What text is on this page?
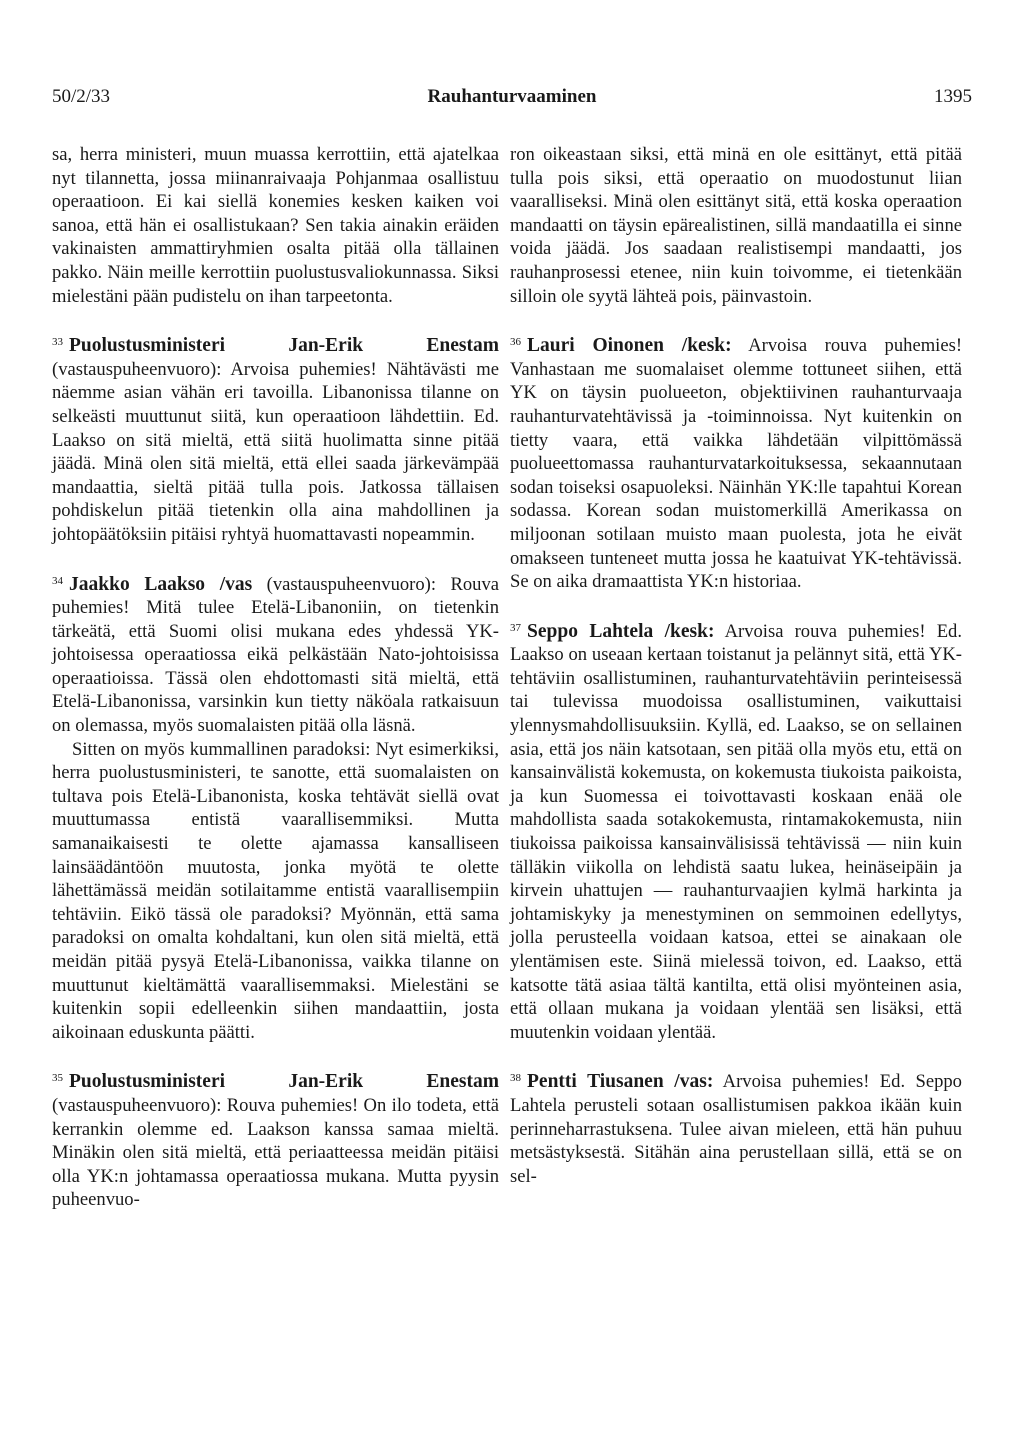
50/2/33	Rauhanturvaaminen	1395

sa, herra ministeri, muun muassa kerrottiin, että ajatelkaa nyt tilannetta, jossa miinanraivaaja Pohjanmaa osallistuu operaatioon. Ei kai siellä konemies kesken kaiken voi sanoa, että hän ei osallistukaan? Sen takia ainakin eräiden vakinaisten ammattiryhmien osalta pitää olla tällainen pakko. Näin meille kerrottiin puolustusvaliokunnassa. Siksi mielestäni pään pudistelu on ihan tarpeetonta.

$^{33}$ Puolustusministeri Jan-Erik Enestam (vastauspuheenvuoro): Arvoisa puhemies! Nähtävästi me näemme asian vähän eri tavoilla. Libanonissa tilanne on selkeästi muuttunut siitä, kun operaatioon lähdettiin. Ed. Laakso on sitä mieltä, että siitä huolimatta sinne pitää jäädä. Minä olen sitä mieltä, että ellei saada järkevämpää mandaattia, sieltä pitää tulla pois. Jatkossa tällaisen pohdiskelun pitää tietenkin olla aina mahdollinen ja johtopäätöksiin pitäisi ryhtyä huomattavasti nopeammin.

$^{34}$ Jaakko Laakso /vas (vastauspuheenvuoro): Rouva puhemies! Mitä tulee Etelä-Libanoniin, on tietenkin tärkeätä, että Suomi olisi mukana edes yhdessä YK-johtoisessa operaatiossa eikä pelkästään Nato-johtoisissa operaatioissa. Tässä olen ehdottomasti sitä mieltä, että Etelä-Libanonissa, varsinkin kun tietty näköala ratkaisuun on olemassa, myös suomalaisten pitää olla läsnä.

Sitten on myös kummallinen paradoksi: Nyt esimerkiksi, herra puolustusministeri, te sanotte, että suomalaisten on tultava pois Etelä-Libanonista, koska tehtävät siellä ovat muuttumassa entistä vaarallisemmiksi. Mutta samanaikaisesti te olette ajamassa kansalliseen lainsäädäntöön muutosta, jonka myötä te olette lähettämässä meidän sotilaitamme entistä vaarallisempiin tehtäviin. Eikö tässä ole paradoksi? Myönnän, että sama paradoksi on omalta kohdaltani, kun olen sitä mieltä, että meidän pitää pysyä Etelä-Libanonissa, vaikka tilanne on muuttunut kieltämättä vaarallisemmaksi. Mielestäni se kuitenkin sopii edelleenkin siihen mandaattiin, josta aikoinaan eduskunta päätti.

$^{35}$ Puolustusministeri Jan-Erik Enestam (vastauspuheenvuoro): Rouva puhemies! On ilo todeta, että kerrankin olemme ed. Laakson kanssa samaa mieltä. Minäkin olen sitä mieltä, että periaatteessa meidän pitäisi olla YK:n johtamassa operaatiossa mukana. Mutta pyysin puheenvuo-

ron oikeastaan siksi, että minä en ole esittänyt, että pitää tulla pois siksi, että operaatio on muodostunut liian vaaralliseksi. Minä olen esittänyt sitä, että koska operaation mandaatti on täysin epärealistinen, sillä mandaatilla ei sinne voida jäädä. Jos saadaan realistisempi mandaatti, jos rauhanprosessi etenee, niin kuin toivomme, ei tietenkään silloin ole syytä lähteä pois, päinvastoin.

$^{36}$ Lauri Oinonen /kesk: Arvoisa rouva puhemies! Vanhastaan me suomalaiset olemme tottuneet siihen, että YK on täysin puolueeton, objektiivinen rauhanturvaaja rauhanturvatehtävissä ja -toiminnoissa. Nyt kuitenkin on tietty vaara, että vaikka lähdetään vilpittömässä puolueettomassa rauhanturvatarkoituksessa, sekaannutaan sodan toiseksi osapuoleksi. Näinhän YK:lle tapahtui Korean sodassa. Korean sodan muistomerkillä Amerikassa on miljoonan sotilaan muisto maan puolesta, jota he eivät omakseen tunteneet mutta jossa he kaatuivat YK-tehtävissä. Se on aika dramaattista YK:n historiaa.

$^{37}$ Seppo Lahtela /kesk: Arvoisa rouva puhemies! Ed. Laakso on useaan kertaan toistanut ja pelännyt sitä, että YK-tehtäviin osallistuminen, rauhanturvatehtäviin perinteisessä tai tulevissa muodoissa osallistuminen, vaikuttaisi ylennysmahdollisuuksiin. Kyllä, ed. Laakso, se on sellainen asia, että jos näin katsotaan, sen pitää olla myös etu, että on kansainvälistä kokemusta, on kokemusta tiukoista paikoista, ja kun Suomessa ei toivottavasti koskaan enää ole mahdollista saada sotakokemusta, rintamakokemusta, niin tiukoissa paikoissa kansainvälisissä tehtävissä — niin kuin tälläkin viikolla on lehdistä saatu lukea, heinäseipäin ja kirvein uhattujen — rauhanturvaajien kylmä harkinta ja johtamiskyky ja menestyminen on semmoinen edellytys, jolla perusteella voidaan katsoa, ettei se ainakaan ole ylentämisen este. Siinä mielessä toivon, ed. Laakso, että katsotte tätä asiaa tältä kantilta, että olisi myönteinen asia, että ollaan mukana ja voidaan ylentää sen lisäksi, että muutenkin voidaan ylentää.

$^{38}$ Pentti Tiusanen /vas: Arvoisa puhemies! Ed. Seppo Lahtela perusteli sotaan osallistumisen pakkoa ikään kuin perinneharrastuksena. Tulee aivan mieleen, että hän puhuu metsästyksestä. Sitähän aina perustellaan sillä, että se on sel-
